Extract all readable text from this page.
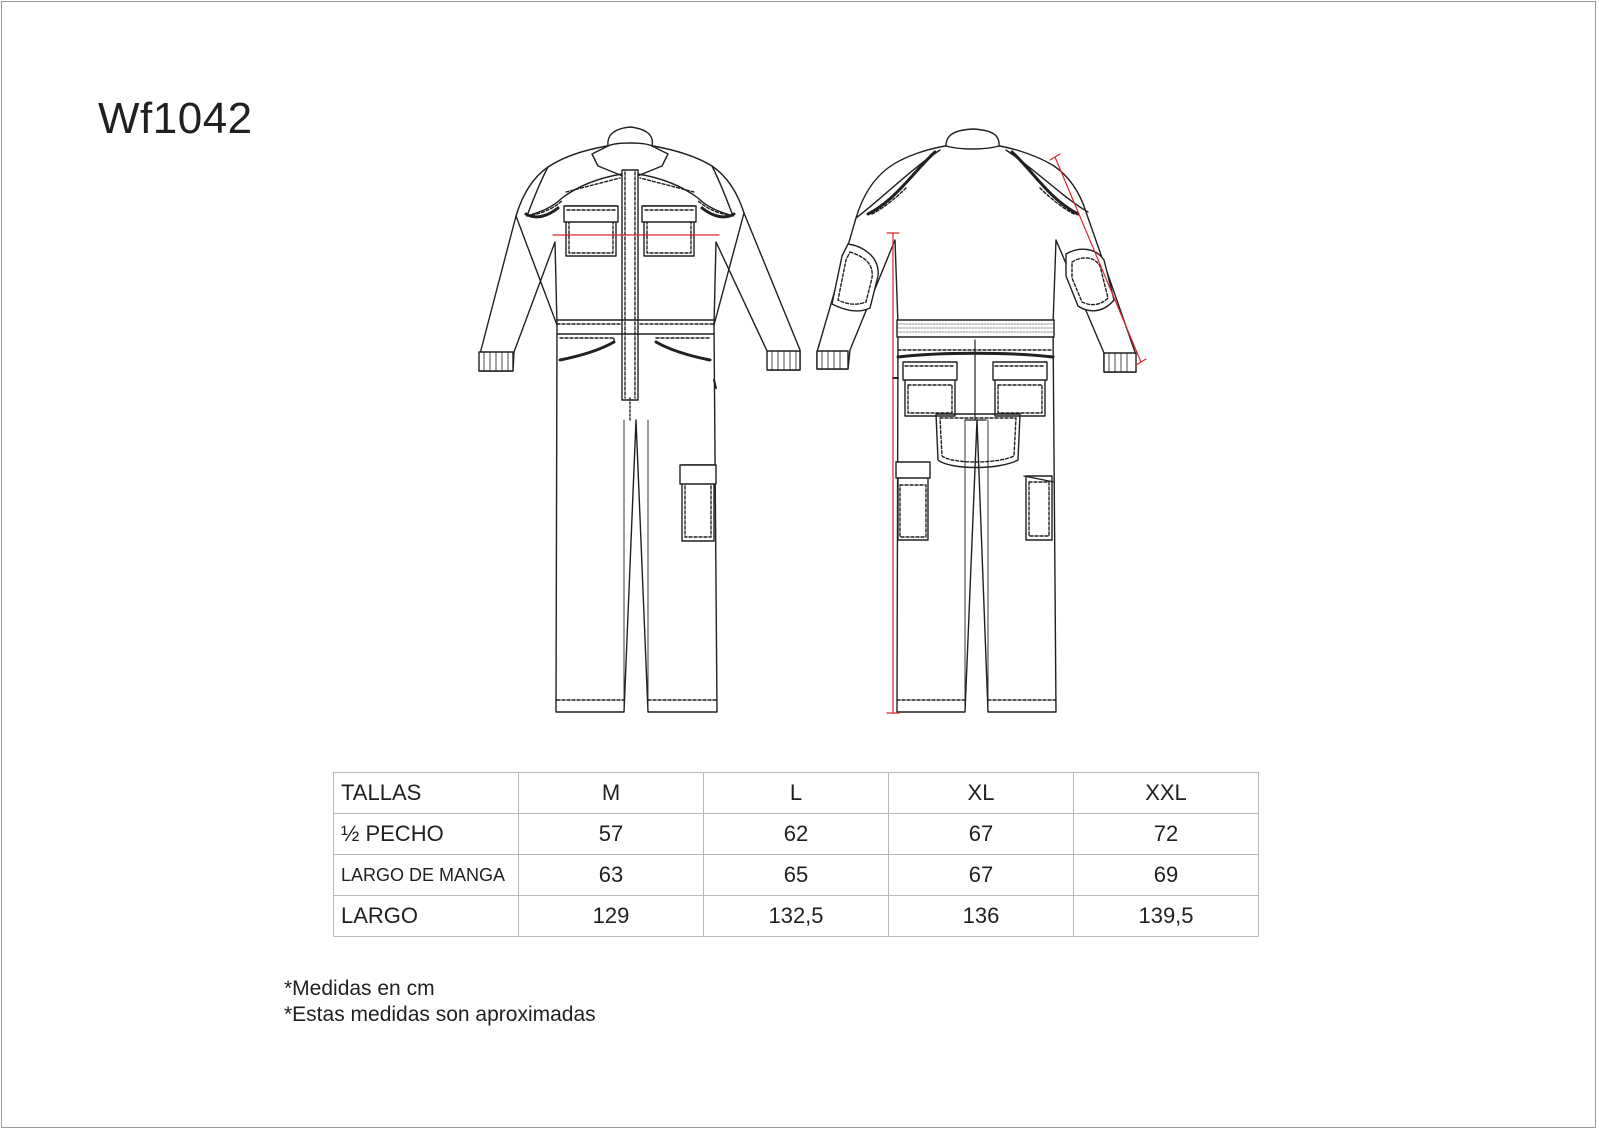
Wf1042
TALLAS	M	L	XL	XXL
½ PECHO	57	62	67	72
LARGO DE MANGA	63	65	67	69
LARGO	129	132,5	136	139,5
*Medidas en cm
*Estas medidas son aproximadas
